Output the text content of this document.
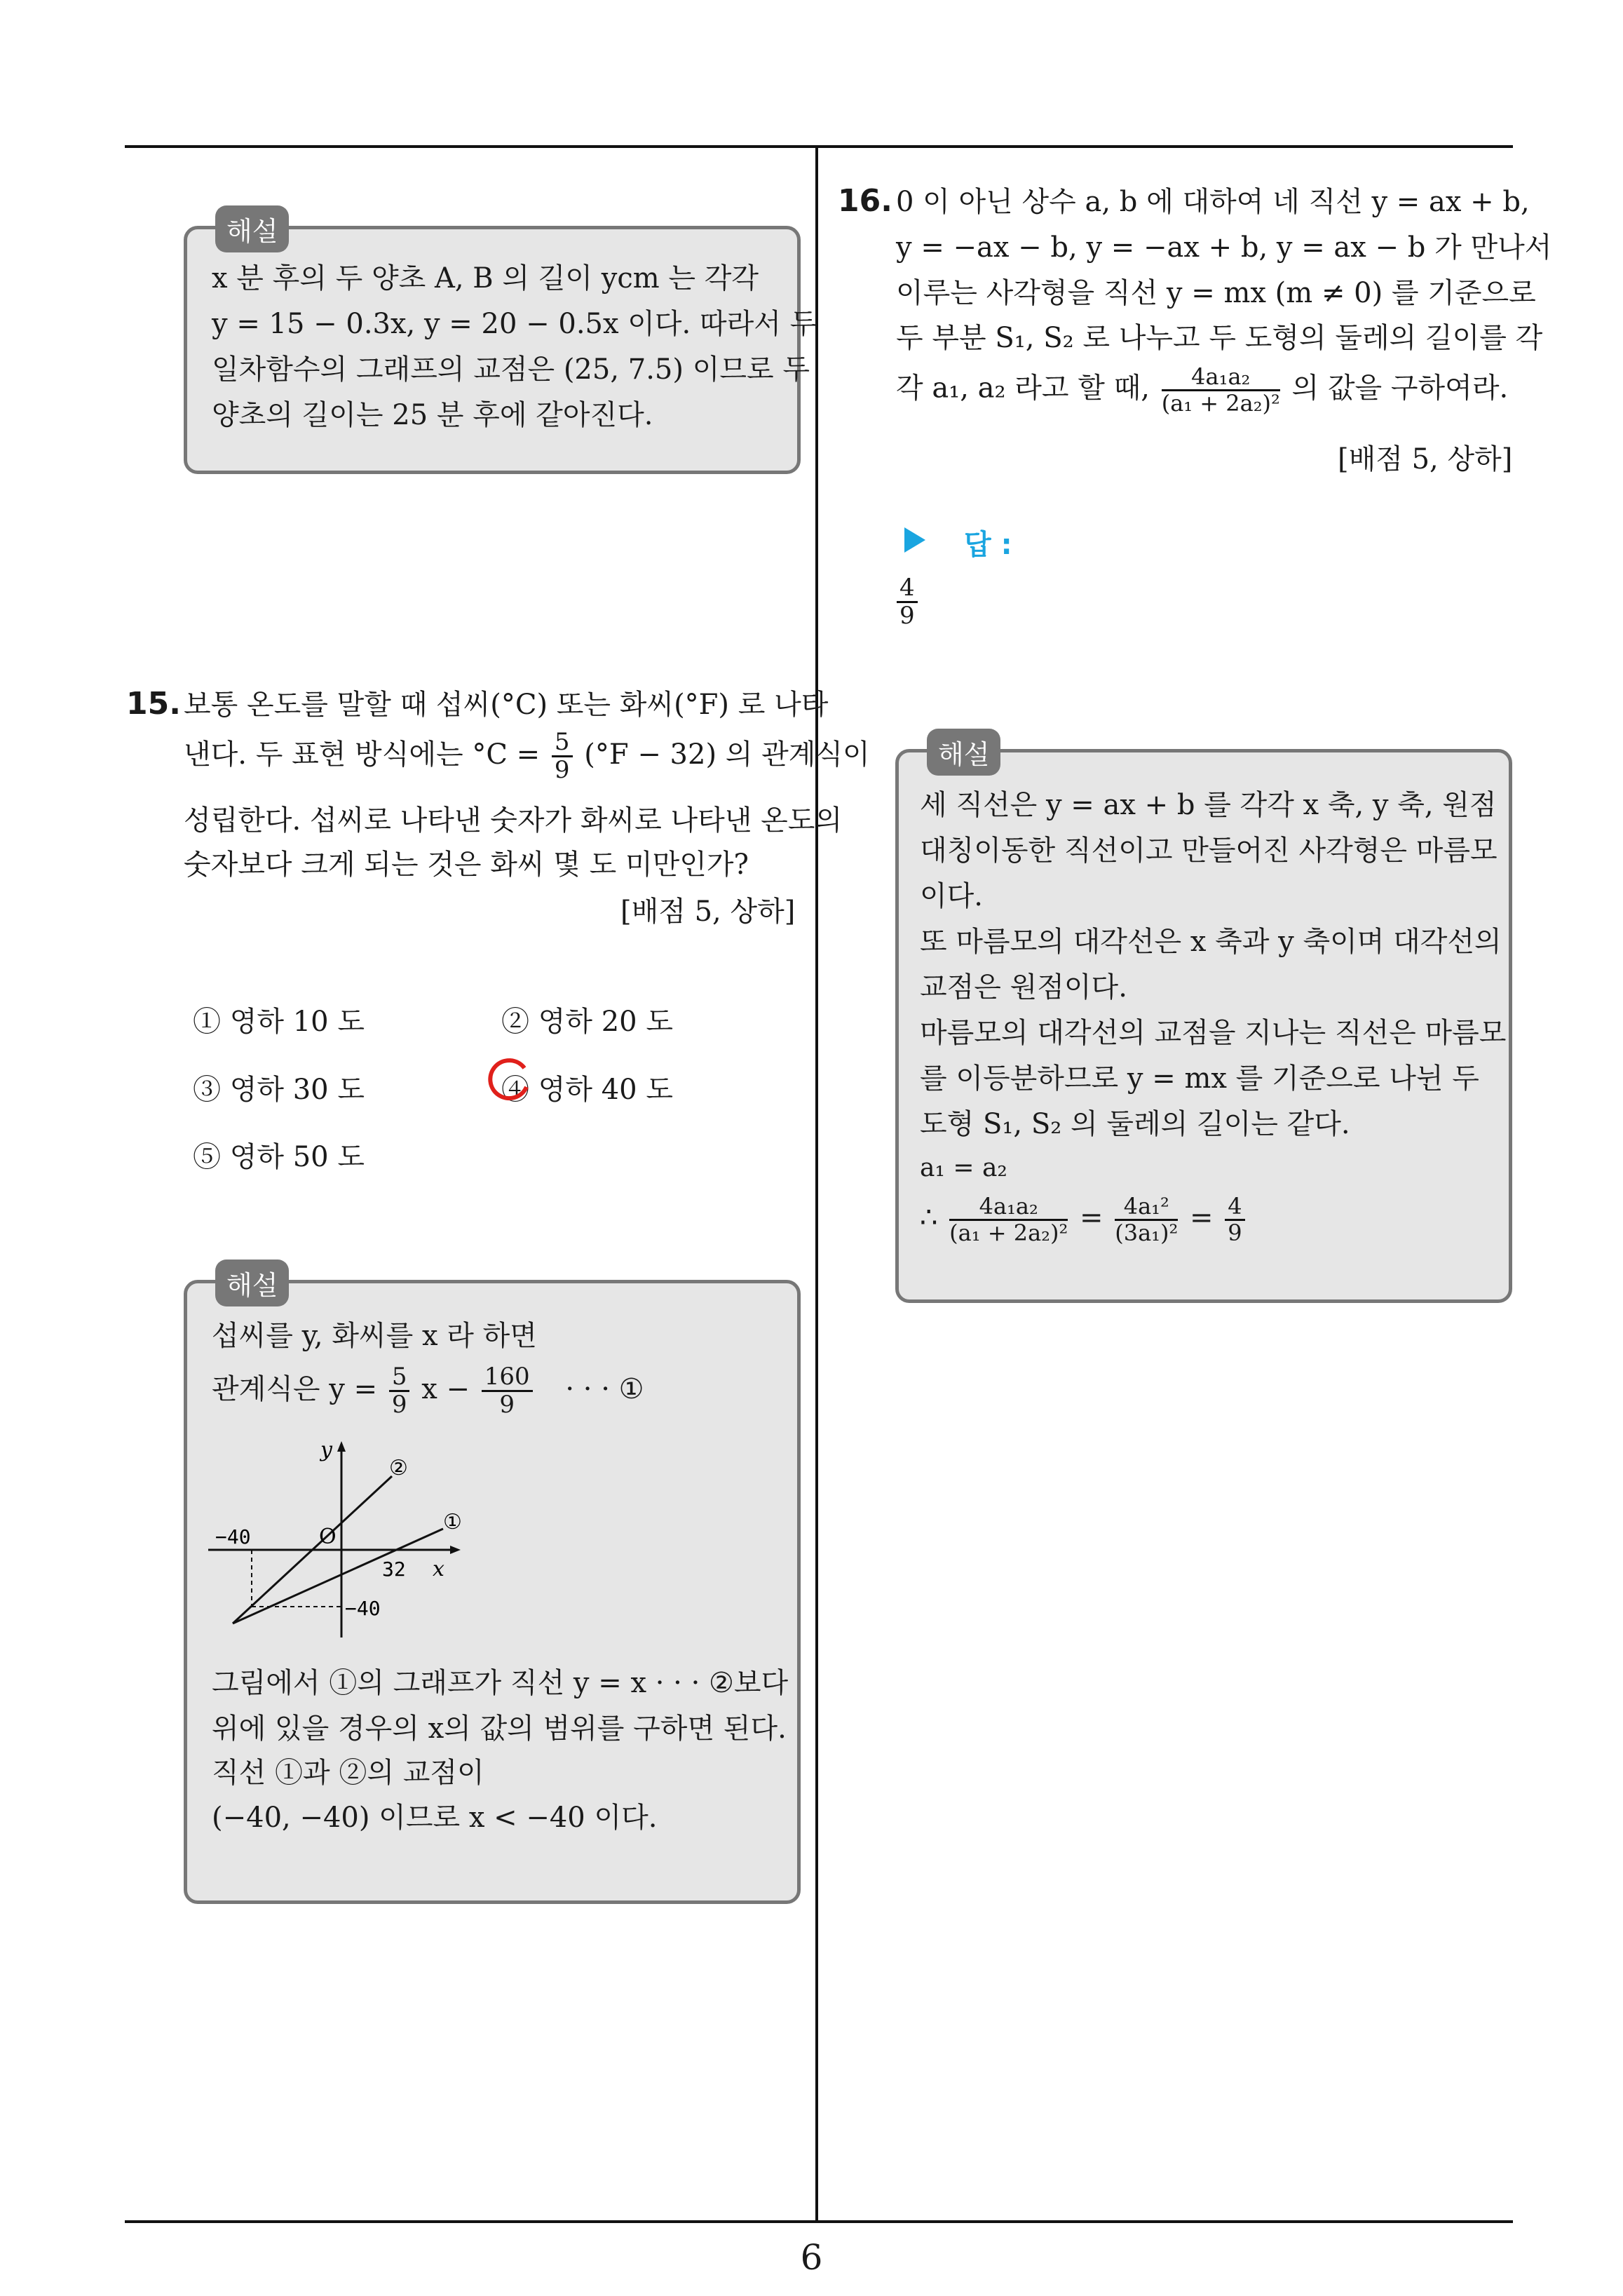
해설
x 분 후의 두 양초 A, B 의 길이 ycm 는 각각
y = 15 − 0.3x, y = 20 − 0.5x 이다. 따라서 두
일차함수의 그래프의 교점은 (25, 7.5) 이므로 두
양초의 길이는 25 분 후에 같아진다.
15. 보통 온도를 말할 때 섭씨(°C) 또는 화씨(°F) 로 나타
낸다. 두 표현 방식에는 $^\circ C = \frac{5}{9} (^\circ F - 32)$ 의 관계식이
성립한다. 섭씨로 나타낸 숫자가 화씨로 나타낸 온도의
숫자보다 크게 되는 것은 화씨 몇 도 미만인가?
[배점 5, 상하]
① 영하 10 도	② 영하 20 도
③ 영하 30 도	④ 영하 40 도
⑤ 영하 50 도
해설
섭씨를 y, 화씨를 x 라 하면
관계식은 $y = \frac{5}{9}$ $x - \frac{160}{9}$ · · · ①
y
x
O
−40
−40
32
①
②
그림에서 ①의 그래프가 직선 y = x · · · ②보다
위에 있을 경우의 x의 값의 범위를 구하면 된다.
직선 ①과 ②의 교점이
(−40, −40) 이므로 x < −40 이다.
16. 0 이 아닌 상수 a, b 에 대하여 네 직선 y = ax + b,
y = −ax − b, y = −ax + b, y = ax − b 가 만나서
이루는 사각형을 직선 y = mx (m ≠ 0) 를 기준으로
두 부분 S₁, S₂ 로 나누고 두 도형의 둘레의 길이를 각
각 a₁, a₂ 라고 할 때, $\frac{\text{4a₁a₂}}{\text{(a₁ + 2a₂)²}}$ 의 값을 구하여라.
[배점 5, 상하]
답 :
$\frac{4}{9}$
해설
세 직선은 y = ax + b 를 각각 x 축, y 축, 원점
대칭이동한 직선이고 만들어진 사각형은 마름모
이다.
또 마름모의 대각선은 x 축과 y 축이며 대각선의
교점은 원점이다.
마름모의 대각선의 교점을 지나는 직선은 마름모
를 이등분하므로 y = mx 를 기준으로 나뉜 두
도형 S₁, S₂ 의 둘레의 길이는 같다.
a₁ = a₂
∴ $\frac{\text{4a₁a₂}}{\text{(a₁ + 2a₂)²}} = \frac{\text{4a₁²}}{\text{(3a₁)²}} = \frac{4}{9}$
6
